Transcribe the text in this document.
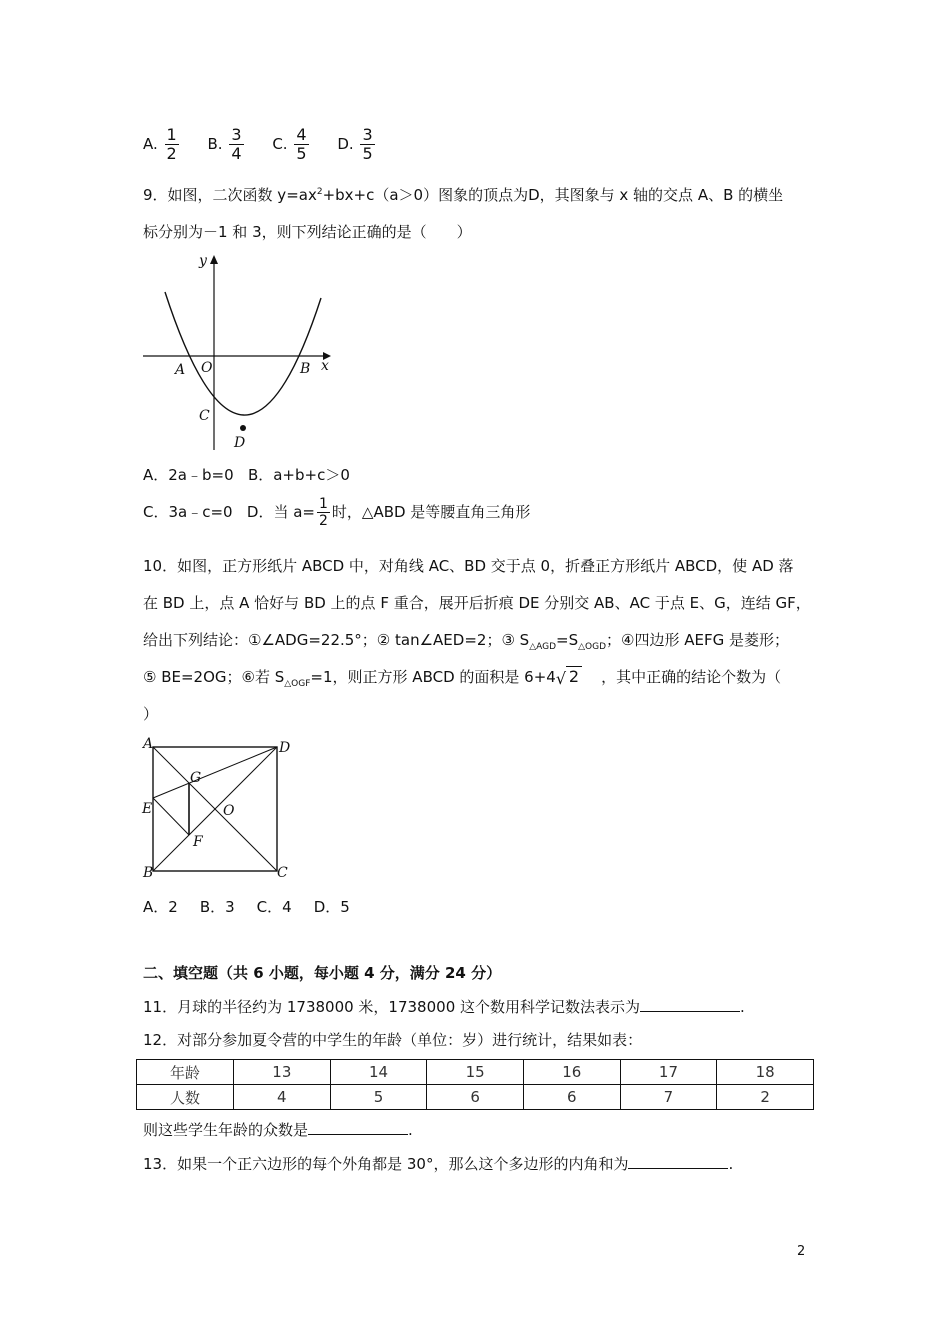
A. $\frac{1}{2} B$. $\frac{3}{4} C$. $\frac{4}{5} D$. $\frac{3}{5}$
9．如图，二次函数 $y=ax^2+bx+c(a>0)$图象的顶点为D，其图象与 x 轴的交点 A、B 的横坐
标分别为－1 和 3，则下列结论正确的是（　　）
y
x
A O	B
C
D
A．2a﹣b=0 B．a+b+c＞0
C．3a﹣c=0 D．当 $a= \frac{1}{2}$ 时，△ABD 是等腰直角三角形
10．如图，正方形纸片 ABCD 中，对角线 AC、BD 交于点 0，折叠正方形纸片 ABCD，使 AD 落
在 BD 上，点 A 恰好与 BD 上的点 F 重合，展开后折痕 DE 分别交 AB、AC 于点 E、G，连结 GF，
给出下列结论：①∠ADG=22.5°；② tan∠AED=2；③ $S_{\triangle AGD}=S_{\triangle OGD}$；④四边形 AEFG 是菱形；
⑤ BE=2OG；⑥若 $S_{\triangle OGF}=1$，则正方形 ABCD 的面积是 6+4 √ 2 ，其中正确的结论个数为（
）
A	D
G
E	O
F
B	C
A．2 B．3 C．4 D．5
二、填空题（共 6 小题，每小题 4 分，满分 24 分）
11．月球的半径约为 1738000 米，1738000 这个数用科学记数法表示为	.
12．对部分参加夏令营的中学生的年龄（单位：岁）进行统计，结果如表：
年龄	13	14	15	16	17	18
人数	4	5	6	6	7	2
则这些学生年龄的众数是	.
13．如果一个正六边形的每个外角都是 30°，那么这个多边形的内角和为	.
2
